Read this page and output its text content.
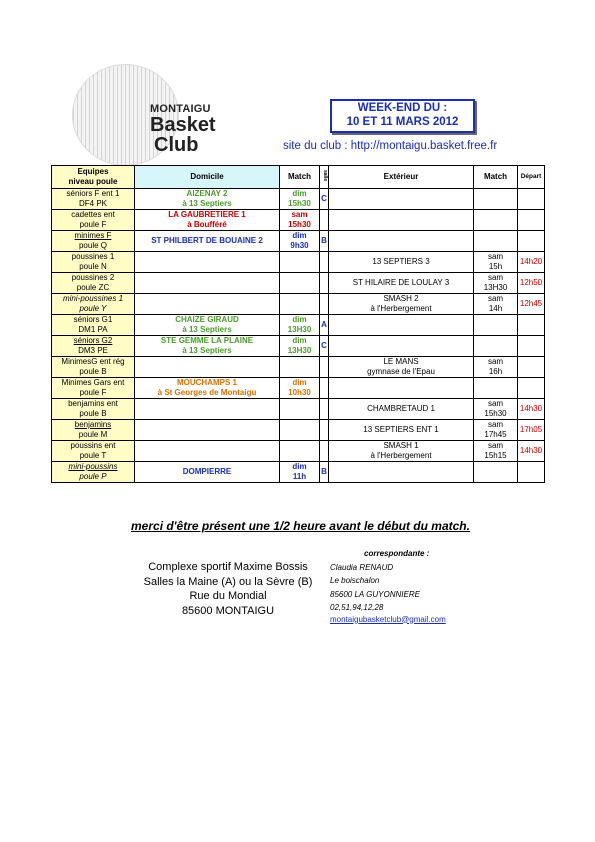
MONTAIGU
Basket
Club
WEEK-END DU :
10 ET 11 MARS 2012
site du club : http://montaigu.basket.free.fr
Equipes
niveau poule	Domicile	Match	salle	Extérieur	Match	Départ

séniors F ent 1
DF4 PK	AIZENAY 2
à 13 Septiers	dim
15h30	C	

cadettes ent
poule F	LA GAUBRETIERE 1
à Boufféré	sam
15h30				

minimes F
poule Q	ST PHILBERT DE BOUAINE 2	dim
9h30	B	

poussines 1
poule N				13 SEPTIERS 3	sam
15h	14h20

poussines 2
poule ZC				ST HILAIRE DE LOULAY 3	sam
13H30	12h50

mini-poussines 1
poule Y				SMASH 2
à l'Herbergement	sam
14h	12h45

séniors G1
DM1 PA	CHAIZE GIRAUD
à 13 Septiers	dim
13H30	A	

séniors G2
DM3 PE	STE GEMME LA PLAINE
à 13 Septiers	dim
13H30	C	

MinimesG ent rég
poule B				LE MANS
gymnase de l'Epau	sam
16h	

Minimes Gars ent
poule F	MOUCHAMPS 1
à St Georges de Montaigu	dim
10h30				

benjamins ent
poule B				CHAMBRETAUD 1	sam
15h30	14h30

benjamins
poule M				13 SEPTIERS ENT 1	sam
17h45	17h05

poussins ent
poule T				SMASH 1
à l'Herbergement	sam
15h15	14h30

mini-poussins
poule P	DOMPIERRE	dim
11h	B	

merci d'être présent une 1/2 heure avant le début du match.
Complexe sportif Maxime Bossis
Salles la Maine (A) ou la Sèvre (B)
Rue du Mondial
85600 MONTAIGU
correspondante :
Claudia RENAUD
Le boischalon
85600 LA GUYONNIERE
02,51,94,12,28
montaigubasketclub@gmail.com
